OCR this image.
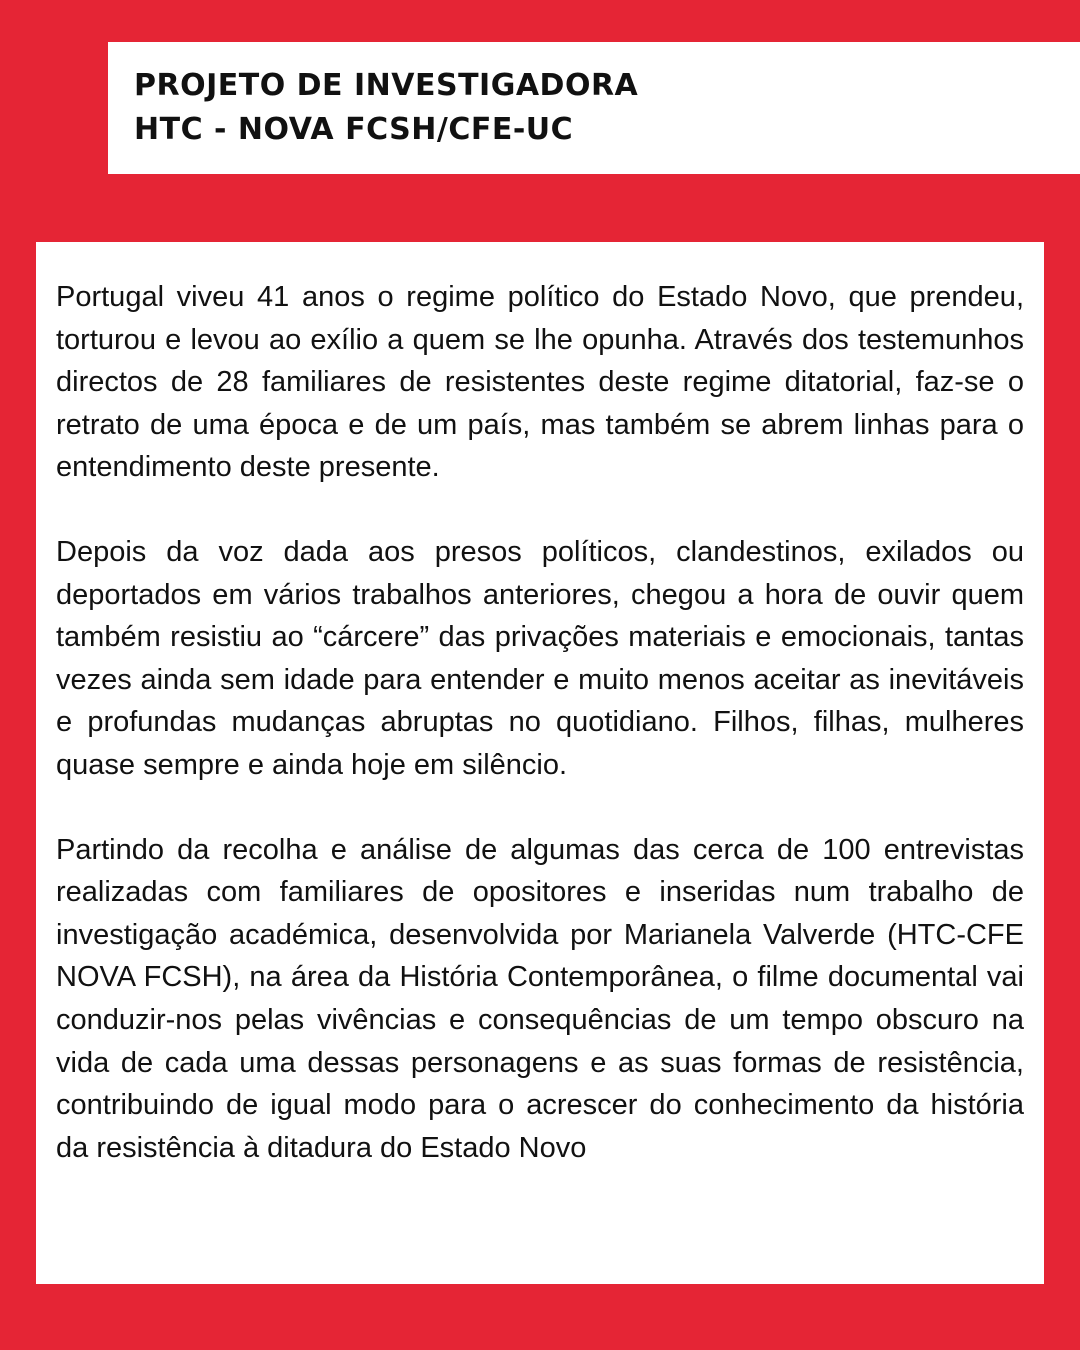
PROJETO DE INVESTIGADORA
HTC - NOVA FCSH/CFE-UC

Portugal viveu 41 anos o regime político do Estado Novo, que prendeu, torturou e levou ao exílio a quem se lhe opunha. Através dos testemunhos directos de 28 familiares de resistentes deste regime ditatorial, faz-se o retrato de uma época e de um país, mas também se abrem linhas para o entendimento deste presente.

Depois da voz dada aos presos políticos, clandestinos, exilados ou deportados em vários trabalhos anteriores, chegou a hora de ouvir quem também resistiu ao “cárcere” das privações materiais e emocionais, tantas vezes ainda sem idade para entender e muito menos aceitar as inevitáveis e profundas mudanças abruptas no quotidiano. Filhos, filhas, mulheres quase sempre e ainda hoje em silêncio.

Partindo da recolha e análise de algumas das cerca de 100 entrevistas realizadas com familiares de opositores e inseridas num trabalho de investigação académica, desenvolvida por Marianela Valverde (HTC-CFE NOVA FCSH), na área da História Contemporânea, o filme documental vai conduzir-nos pelas vivências e consequências de um tempo obscuro na vida de cada uma dessas personagens e as suas formas de resistência, contribuindo de igual modo para o acrescer do conhecimento da história da resistência à ditadura do Estado Novo
